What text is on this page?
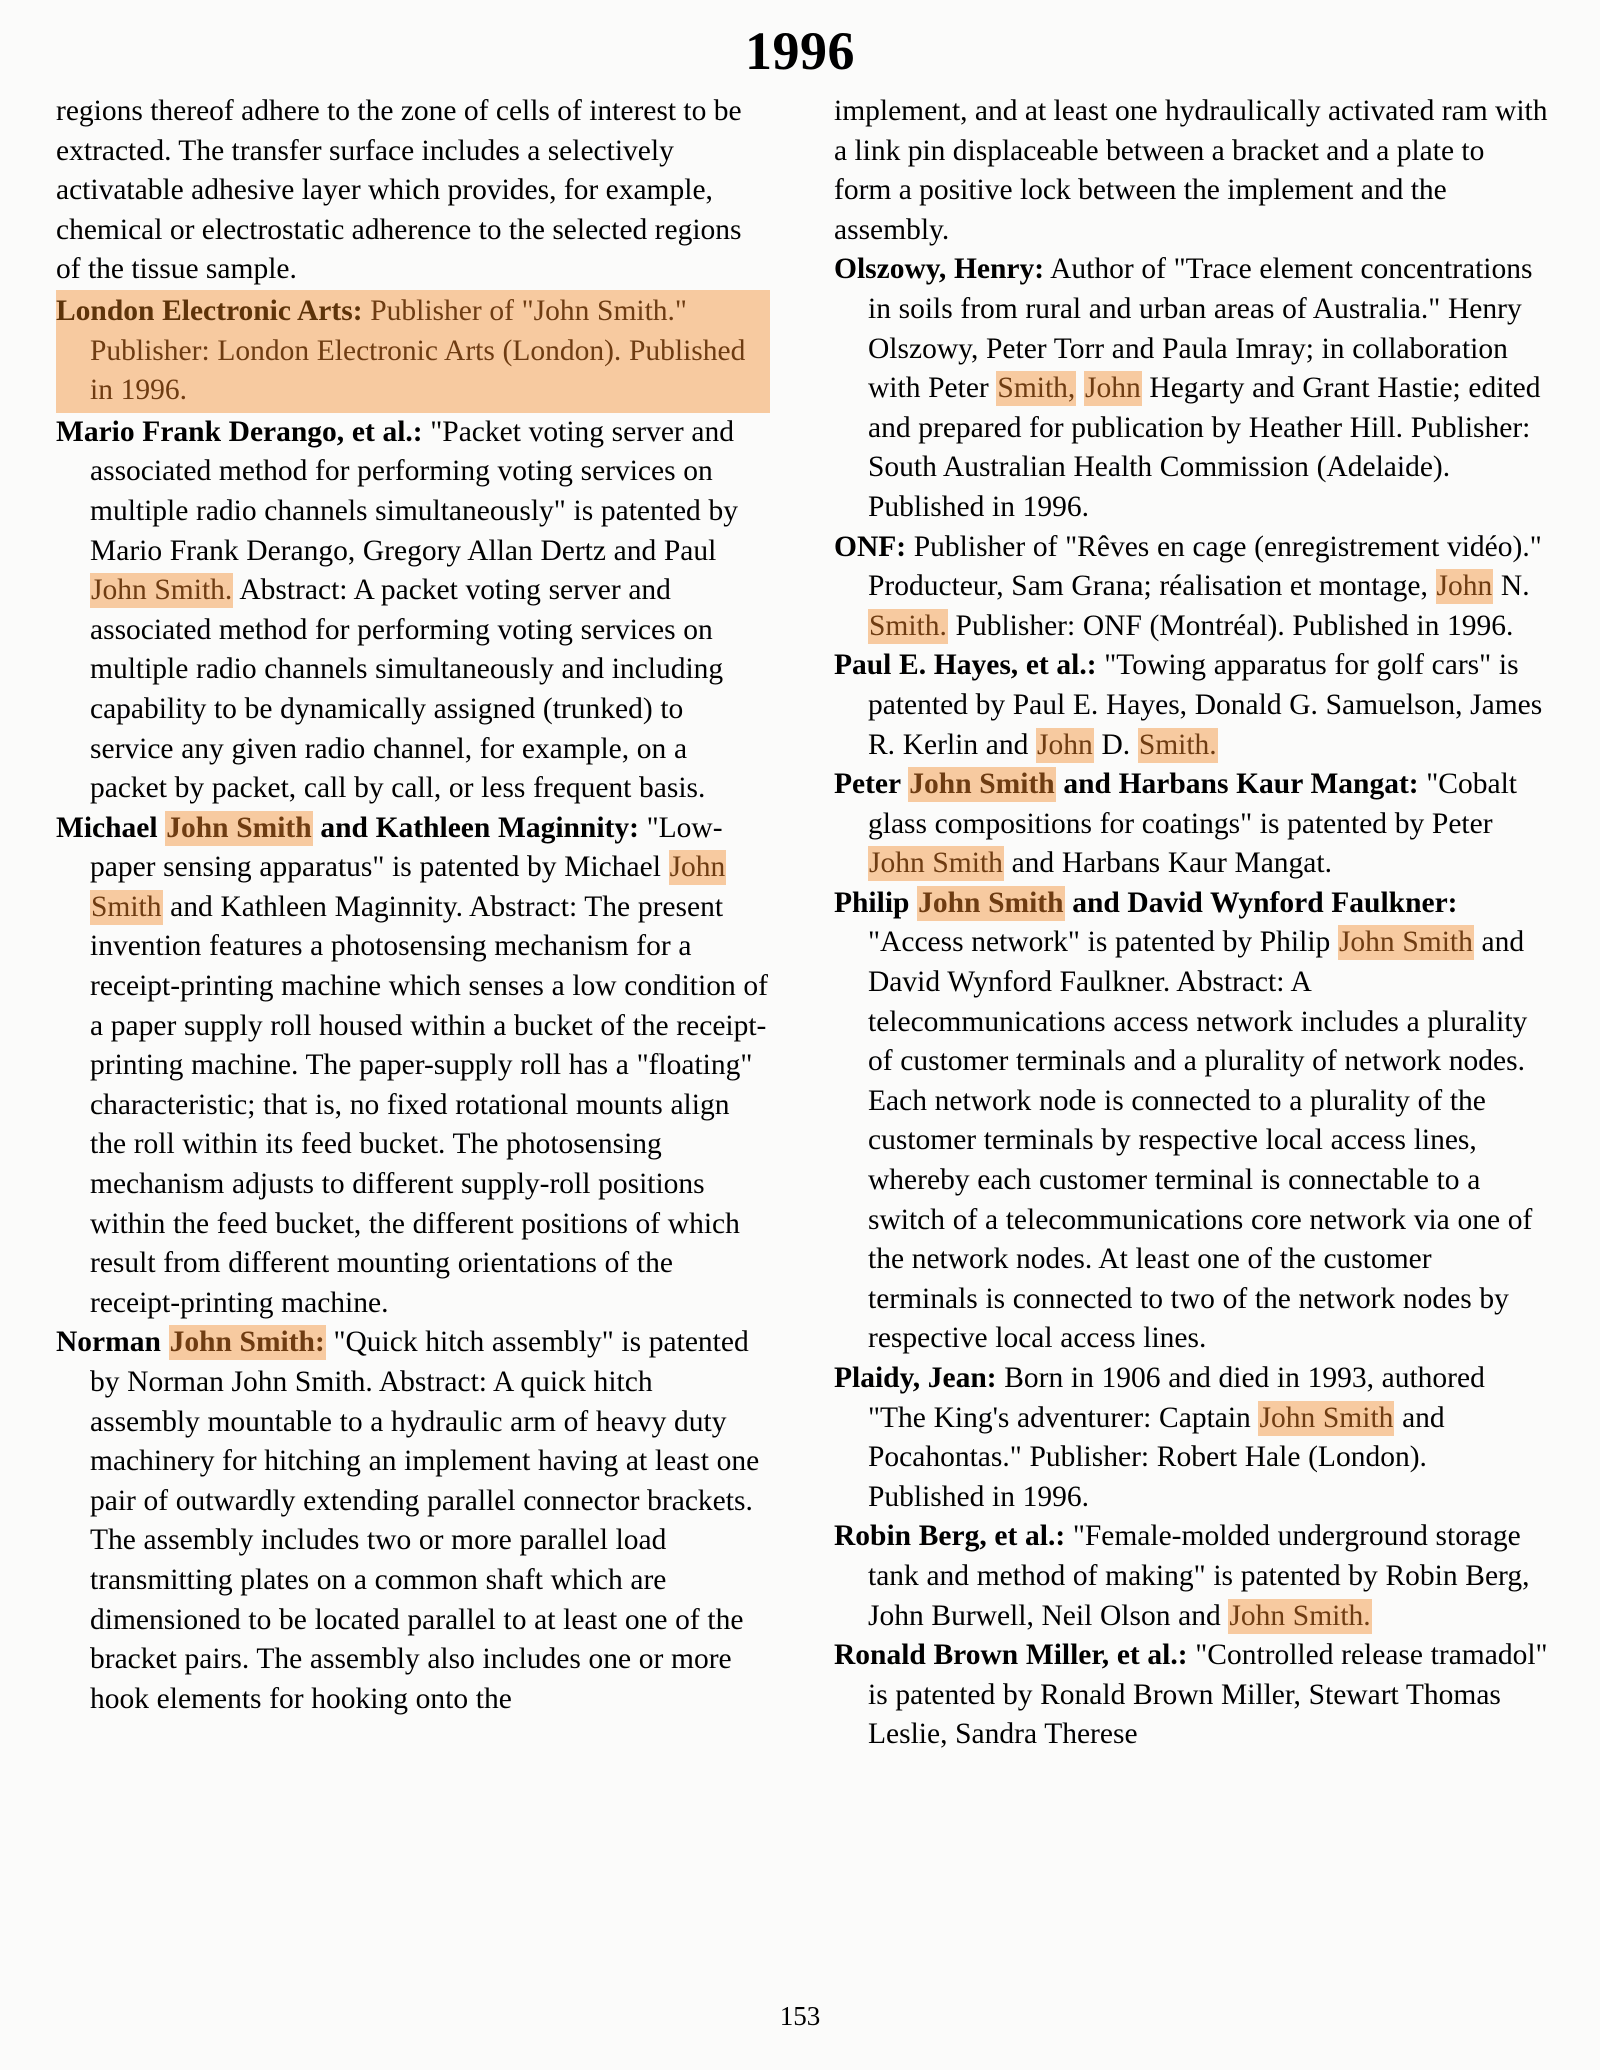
1996

regions thereof adhere to the zone of cells of interest to be extracted. The transfer surface includes a selectively activatable adhesive layer which provides, for example, chemical or electrostatic adherence to the selected regions of the tissue sample.

London Electronic Arts: Publisher of "John Smith." Publisher: London Electronic Arts (London). Published in 1996.

Mario Frank Derango, et al.: "Packet voting server and associated method for performing voting services on multiple radio channels simultaneously" is patented by Mario Frank Derango, Gregory Allan Dertz and Paul John Smith. Abstract: A packet voting server and associated method for performing voting services on multiple radio channels simultaneously and including capability to be dynamically assigned (trunked) to service any given radio channel, for example, on a packet by packet, call by call, or less frequent basis.

Michael John Smith and Kathleen Maginnity: "Low-paper sensing apparatus" is patented by Michael John Smith and Kathleen Maginnity. Abstract: The present invention features a photosensing mechanism for a receipt-printing machine which senses a low condition of a paper supply roll housed within a bucket of the receipt-printing machine. The paper-supply roll has a "floating" characteristic; that is, no fixed rotational mounts align the roll within its feed bucket. The photosensing mechanism adjusts to different supply-roll positions within the feed bucket, the different positions of which result from different mounting orientations of the receipt-printing machine.

Norman John Smith: "Quick hitch assembly" is patented by Norman John Smith. Abstract: A quick hitch assembly mountable to a hydraulic arm of heavy duty machinery for hitching an implement having at least one pair of outwardly extending parallel connector brackets. The assembly includes two or more parallel load transmitting plates on a common shaft which are dimensioned to be located parallel to at least one of the bracket pairs. The assembly also includes one or more hook elements for hooking onto the

implement, and at least one hydraulically activated ram with a link pin displaceable between a bracket and a plate to form a positive lock between the implement and the assembly.

Olszowy, Henry: Author of "Trace element concentrations in soils from rural and urban areas of Australia." Henry Olszowy, Peter Torr and Paula Imray; in collaboration with Peter Smith, John Hegarty and Grant Hastie; edited and prepared for publication by Heather Hill. Publisher: South Australian Health Commission (Adelaide). Published in 1996.

ONF: Publisher of "Rêves en cage (enregistrement vidéo)." Producteur, Sam Grana; réalisation et montage, John N. Smith. Publisher: ONF (Montréal). Published in 1996.

Paul E. Hayes, et al.: "Towing apparatus for golf cars" is patented by Paul E. Hayes, Donald G. Samuelson, James R. Kerlin and John D. Smith.

Peter John Smith and Harbans Kaur Mangat: "Cobalt glass compositions for coatings" is patented by Peter John Smith and Harbans Kaur Mangat.

Philip John Smith and David Wynford Faulkner: "Access network" is patented by Philip John Smith and David Wynford Faulkner. Abstract: A telecommunications access network includes a plurality of customer terminals and a plurality of network nodes. Each network node is connected to a plurality of the customer terminals by respective local access lines, whereby each customer terminal is connectable to a switch of a telecommunications core network via one of the network nodes. At least one of the customer terminals is connected to two of the network nodes by respective local access lines.

Plaidy, Jean: Born in 1906 and died in 1993, authored "The King's adventurer: Captain John Smith and Pocahontas." Publisher: Robert Hale (London). Published in 1996.

Robin Berg, et al.: "Female-molded underground storage tank and method of making" is patented by Robin Berg, John Burwell, Neil Olson and John Smith.

Ronald Brown Miller, et al.: "Controlled release tramadol" is patented by Ronald Brown Miller, Stewart Thomas Leslie, Sandra Therese

153
